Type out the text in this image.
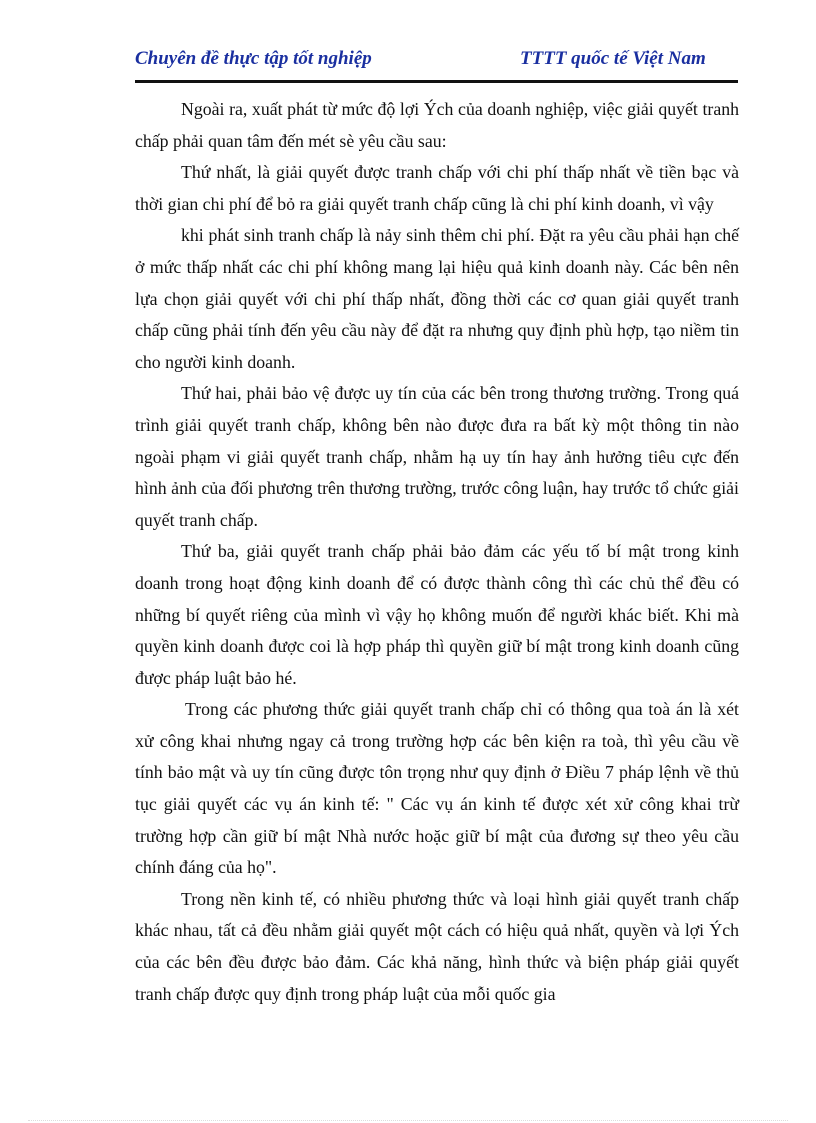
Chuyên đề thực tập tốt nghiệp	TTTT quốc tế Việt Nam

Ngoài ra, xuất phát từ mức độ lợi Ých của doanh nghiệp, việc giải quyết tranh chấp phải quan tâm đến mét sè yêu cầu sau:

Thứ nhất, là giải quyết được tranh chấp với chi phí thấp nhất về tiền bạc và thời gian chi phí để bỏ ra giải quyết tranh chấp cũng là chi phí kinh doanh, vì vậy

khi phát sinh tranh chấp là nảy sinh thêm chi phí. Đặt ra yêu cầu phải hạn chế ở mức thấp nhất các chi phí không mang lại hiệu quả kinh doanh này. Các bên nên lựa chọn giải quyết với chi phí thấp nhất, đồng thời các cơ quan giải quyết tranh chấp cũng phải tính đến yêu cầu này để đặt ra nhưng quy định phù hợp, tạo niềm tin cho người kinh doanh.

Thứ hai, phải bảo vệ được uy tín của các bên trong thương trường. Trong quá trình giải quyết tranh chấp, không bên nào được đưa ra bất kỳ một thông tin nào ngoài phạm vi giải quyết tranh chấp, nhằm hạ uy tín hay ảnh hưởng tiêu cực đến hình ảnh của đối phương trên thương trường, trước công luận, hay trước tổ chức giải quyết tranh chấp.

Thứ ba, giải quyết tranh chấp phải bảo đảm các yếu tố bí mật trong kinh doanh trong hoạt động kinh doanh để có được thành công thì các chủ thể đều có những bí quyết riêng của mình vì vậy họ không muốn để người khác biết. Khi mà quyền kinh doanh được coi là hợp pháp thì quyền giữ bí mật trong kinh doanh cũng được pháp luật bảo hé.

Trong các phương thức giải quyết tranh chấp chỉ có thông qua toà án là xét xử công khai nhưng ngay cả trong trường hợp các bên kiện ra toà, thì yêu cầu về tính bảo mật và uy tín cũng được tôn trọng như quy định ở Điều 7 pháp lệnh về thủ tục giải quyết các vụ án kinh tế: " Các vụ án kinh tế được xét xử công khai trừ trường hợp cần giữ bí mật Nhà nước hoặc giữ bí mật của đương sự theo yêu cầu chính đáng của họ".

Trong nền kinh tế, có nhiều phương thức và loại hình giải quyết tranh chấp khác nhau, tất cả đều nhằm giải quyết một cách có hiệu quả nhất, quyền và lợi Ých của các bên đều được bảo đảm. Các khả năng, hình thức và biện pháp giải quyết tranh chấp được quy định trong pháp luật của mỗi quốc gia
